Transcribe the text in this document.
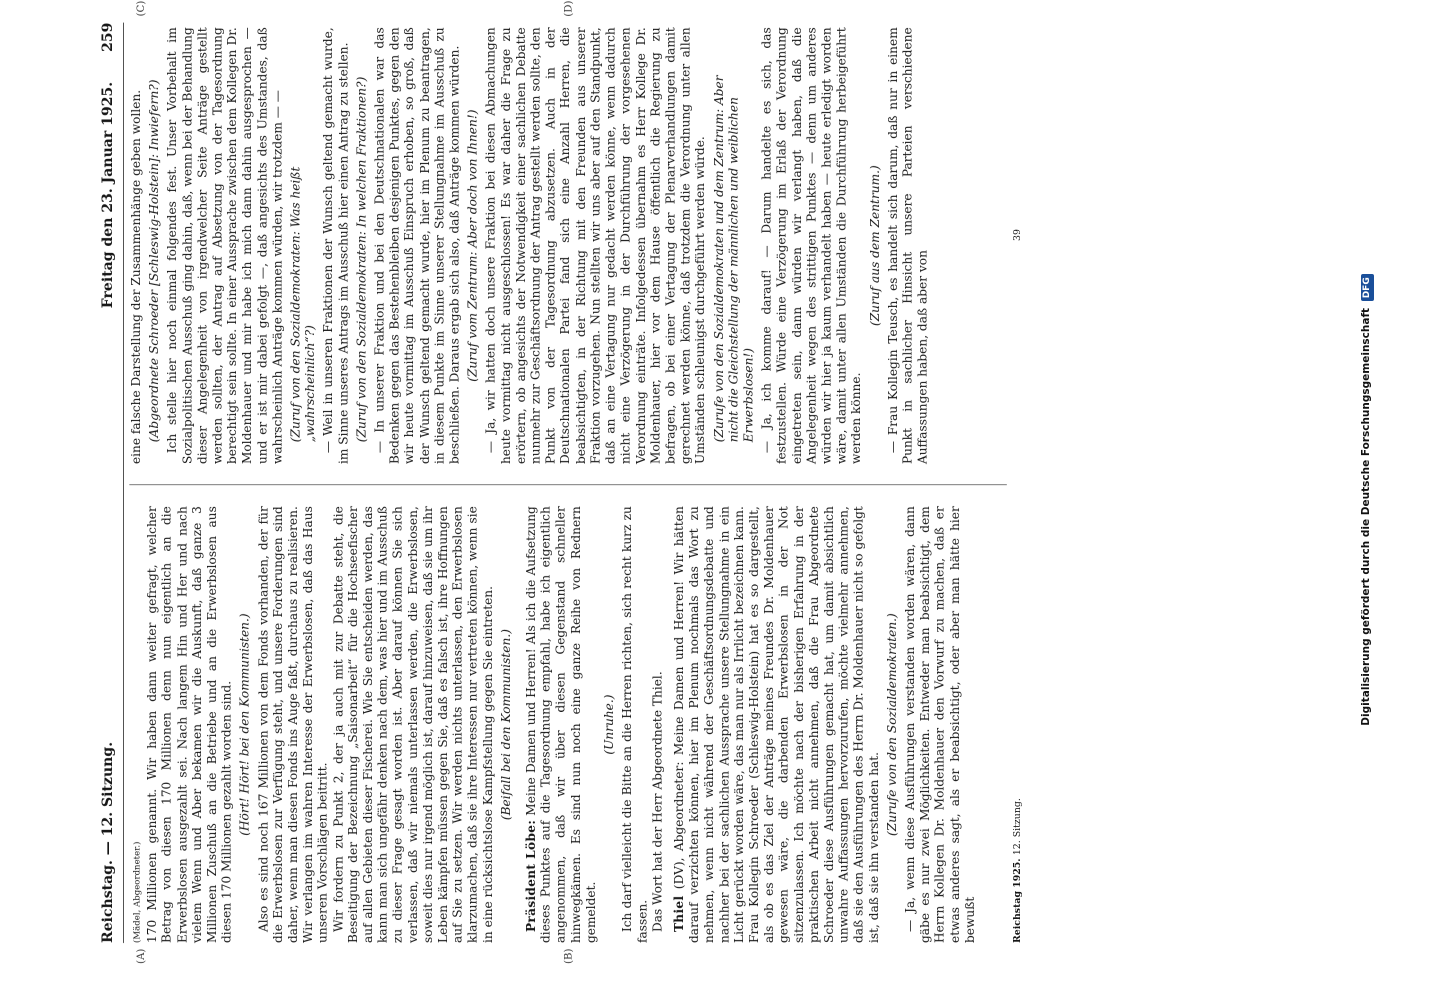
Reichstag. — 12. Sitzung.
Freitag den 23. Januar 1925.
259
(A)	(B)
(C)	(D)
(Mädel, Abgeordneter.) 170 Millionen genannt. Wir haben dann weiter gefragt, welcher Betrag von diesen 170 Millionen denn nun eigentlich an die Erwerbslosen ausgezahlt sei. Nach langem Hin und Her und nach vielem Wenn und Aber bekamen wir die Auskunft, daß ganze 3 Millionen Zuschuß an die Betriebe und an die Erwerbslosen aus diesen 170 Millionen gezahlt worden sind. (Hört! Hört! bei den Kommunisten.) Also es sind noch 167 Millionen von dem Fonds vorhanden, der für die Erwerbslosen zur Verfügung steht, und unsere Forderungen sind daher, wenn man diesen Fonds ins Auge faßt, durchaus zu realisieren. Wir verlangen im wahren Interesse der Erwerbslosen, daß das Haus unseren Vorschlägen beitritt. Wir fordern zu Punkt 2, der ja auch mit zur Debatte steht, die Beseitigung der Bezeichnung „Saisonarbeit“ für die Hochseefischer auf allen Gebieten dieser Fischerei. Wie Sie entscheiden werden, das kann man sich ungefähr denken nach dem, was hier und im Ausschuß zu dieser Frage gesagt worden ist. Aber darauf können Sie sich verlassen, daß wir niemals unterlassen werden, die Erwerbslosen, soweit dies nur irgend möglich ist, darauf hinzuweisen, daß sie um ihr Leben kämpfen müssen gegen Sie, daß es falsch ist, ihre Hoffnungen auf Sie zu setzen. Wir werden nichts unterlassen, den Erwerbslosen klarzumachen, daß sie ihre Interessen nur vertreten können, wenn sie in eine rücksichtslose Kampfstellung gegen Sie eintreten. (Beifall bei den Kommunisten.)

Präsident Löbe: Meine Damen und Herren! Als ich die Aufsetzung dieses Punktes auf die Tagesordnung empfahl, habe ich eigentlich angenommen, daß wir über diesen Gegenstand schneller hinwegkämen. Es sind nun noch eine ganze Reihe von Rednern gemeldet.

(Unruhe.) Ich darf vielleicht die Bitte an die Herren richten, sich recht kurz zu fassen. Das Wort hat der Herr Abgeordnete Thiel. Thiel (DV), Abgeordneter: Meine Damen und Herren! Wir hätten darauf verzichten können, hier im Plenum nochmals das Wort zu nehmen, wenn nicht während der Geschäftsordnungsdebatte und nachher bei der sachlichen Aussprache unsere Stellungnahme in ein Licht gerückt worden wäre, das man nur als Irrlicht bezeichnen kann. Frau Kollegin Schroeder (Schleswig-Holstein) hat es so dargestellt, als ob es das Ziel der Anträge meines Freundes Dr. Moldenhauer gewesen wäre, die darbenden Erwerbslosen in der Not sitzenzulassen. Ich möchte nach der bisherigen Erfahrung in der praktischen Arbeit nicht annehmen, daß die Frau Abgeordnete Schroeder diese Ausführungen gemacht hat, um damit absichtlich unwahre Auffassungen hervorzurufen, möchte vielmehr annehmen, daß sie den Ausführungen des Herrn Dr. Moldenhauer nicht so gefolgt ist, daß sie ihn verstanden hat.

(Zurufe von den Sozialdemokraten.) — Ja, wenn diese Ausführungen verstanden worden wären, dann gäbe es nur zwei Möglichkeiten. Entweder man beabsichtigt, dem Herrn Kollegen Dr. Moldenhauer den Vorwurf zu machen, daß er etwas anderes sagt, als er beabsichtigt, oder aber man hätte hier bewußt

eine falsche Darstellung der Zusammenhänge geben wollen. (Abgeordnete Schroeder [Schleswig-Holstein]: Inwiefern?) Ich stelle hier noch einmal folgendes fest. Unser Vorbehalt im Sozialpolitischen Ausschuß ging dahin, daß, wenn bei der Behandlung dieser Angelegenheit von irgendwelcher Seite Anträge gestellt werden sollten, der Antrag auf Absetzung von der Tagesordnung berechtigt sein sollte. In einer Aussprache zwischen dem Kollegen Dr. Moldenhauer und mir habe ich mich dann dahin ausgesprochen — und er ist mir dabei gefolgt —, daß angesichts des Umstandes, daß wahrscheinlich Anträge kommen würden, wir trotzdem — — (Zuruf von den Sozialdemokraten: Was heißt „wahrscheinlich“?) — Weil in unseren Fraktionen der Wunsch geltend gemacht wurde, im Sinne unseres Antrags im Ausschuß hier einen Antrag zu stellen. (Zuruf von den Sozialdemokraten: In welchen Fraktionen?) — In unserer Fraktion und bei den Deutschnationalen war das Bedenken gegen das Bestehenbleiben desjenigen Punktes, gegen den wir heute vormittag im Ausschuß Einspruch erhoben, so groß, daß der Wunsch geltend gemacht wurde, hier im Plenum zu beantragen, in diesem Punkte im Sinne unserer Stellungnahme im Ausschuß zu beschließen. Daraus ergab sich also, daß Anträge kommen würden. (Zuruf vom Zentrum: Aber doch von Ihnen!) — Ja, wir hatten doch unsere Fraktion bei diesen Abmachungen heute vormittag nicht ausgeschlossen! Es war daher die Frage zu erörtern, ob angesichts der Notwendigkeit einer sachlichen Debatte nunmehr zur Geschäftsordnung der Antrag gestellt werden sollte, den Punkt von der Tagesordnung abzusetzen. Auch in der Deutschnationalen Partei fand sich eine Anzahl Herren, die beabsichtigten, in der Richtung mit den Freunden aus unserer Fraktion vorzugehen. Nun stellten wir uns aber auf den Standpunkt, daß an eine Vertagung nur gedacht werden könne, wenn dadurch nicht eine Verzögerung in der Durchführung der vorgesehenen Verordnung einträte. Infolgedessen übernahm es Herr Kollege Dr. Moldenhauer, hier vor dem Hause öffentlich die Regierung zu befragen, ob bei einer Vertagung der Plenarverhandlungen damit gerechnet werden könne, daß trotzdem die Verordnung unter allen Umständen schleunigst durchgeführt werden würde. (Zurufe von den Sozialdemokraten und dem Zentrum: Aber nicht die Gleichstellung der männlichen und weiblichen Erwerbslosen!) — Ja, ich komme darauf! — Darum handelte es sich, das festzustellen. Würde eine Verzögerung im Erlaß der Verordnung eingetreten sein, dann würden wir verlangt haben, daß die Angelegenheit wegen des strittigen Punktes — denn um anderes würden wir hier ja kaum verhandelt haben — heute erledigt worden wäre, damit unter allen Umständen die Durchführung herbeigeführt werden könne.

(Zuruf aus dem Zentrum.) — Frau Kollegin Teusch, es handelt sich darum, daß nur in einem Punkt in sachlicher Hinsicht unsere Parteien verschiedene Auffassungen haben, daß aber von

Reichstag 1925. 12. Sitzung.
39
Digitalisierung gefördert durch die Deutsche Forschungsgemeinschaft DFG
